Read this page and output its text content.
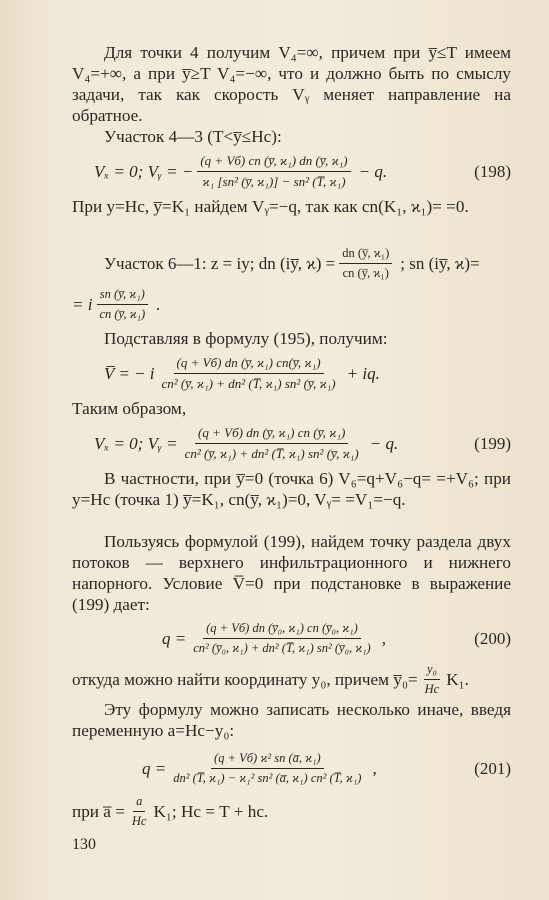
Для точки 4 получим V₄=∞, причем при y̅≤T имеем V₄=+∞, а при y̅≥T V₄=−∞, что и должно быть по смыслу задачи, так как скорость Vᵧ меняет направление на обратное.

Участок 4—3 (T<y̅≤Hс):

Vₓ = 0; Vᵧ = − $\frac{\text{(q + Vб) cn (y̅, ϰ₁) dn (y̅, ϰ₁)}}{\text{ϰ₁ [sn² (y̅, ϰ₁)] − sn² (T̅, ϰ₁)}} - q$.	(198)

При y=Hс, y̅=K₁ найдем Vᵧ=−q, так как cn(K₁, ϰ₁)= =0.

Участок 6—1: z = iy; dn (iy̅, $ϰ) = \frac{\text{dn (y̅, ϰ₁)}}{\text{cn (y̅, ϰ₁)}}$ ; sn (iy̅, ϰ)=
= i $\frac{\text{sn (y̅, ϰ₁)}}{\text{cn (y̅, ϰ₁)}}$ .

Подставляя в формулу (195), получим:

V̅ = − i $\frac{\text{(q + Vб) dn (y̅, ϰ₁) cn(y̅, ϰ₁)}}{\text{cn² (y̅, ϰ₁) + dn² (T̅, ϰ₁) sn² (y̅, ϰ₁)}}$ + iq.

Таким образом,

Vₓ = 0; Vᵧ = $\frac{\text{(q + Vб) dn (y̅, ϰ₁) cn (y̅, ϰ₁)}}{\text{cn² (y̅, ϰ₁) + dn² (T̅, ϰ₁) sn² (y̅, ϰ₁)}} - q$.	(199)

В частности, при y̅=0 (точка 6) V₆=q+V₆−q= =+V₆; при y=Hс (точка 1) y̅=K₁, cn(y̅, ϰ₁)=0, Vᵧ= =V₁=−q.

Пользуясь формулой (199), найдем точку раздела двух потоков — верхнего инфильтрационного и нижнего напорного. Условие V̅=0 при подстановке в выражение (199) дает:

$q = \frac{\text{(q + Vб) dn (y̅₀, ϰ₁) cn (y̅₀, ϰ₁)}}{\text{cn² (y̅₀, ϰ₁) + dn² (T̅, ϰ₁) sn² (y̅₀, ϰ₁)}}$ ,	(200)
откуда можно найти координату y₀, причем y̅₀= $\frac{\text{y₀}}{Hс} K_1$.

Эту формулу можно записать несколько иначе, введя переменную a=Hс−y₀:

$q = \frac{\text{(q + Vб) ϰ² sn (a̅, ϰ₁)}}{\text{dn² (T̅, ϰ₁) − ϰ₁² sn² (a̅, ϰ₁) cn² (T̅, ϰ₁)}}$ ,	(201)
при a̅ = $\frac{a}{Hс} K_1$; Hс = T + hс.
130
